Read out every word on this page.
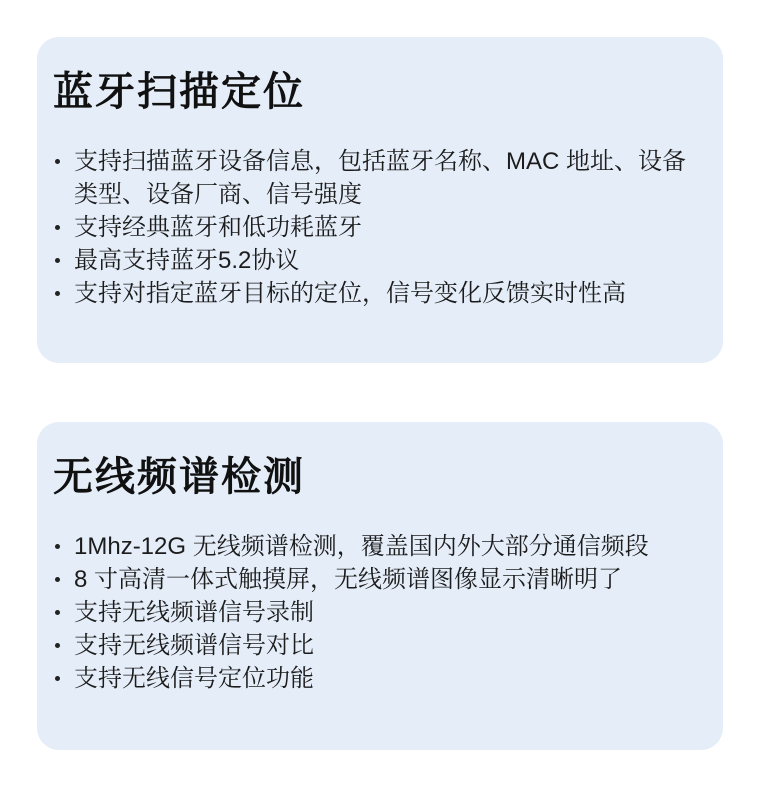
蓝牙扫描定位
支持扫描蓝牙设备信息，包括蓝牙名称、MAC 地址、设备类型、设备厂商、信号强度
支持经典蓝牙和低功耗蓝牙
最高支持蓝牙5.2协议
支持对指定蓝牙目标的定位，信号变化反馈实时性高
无线频谱检测
1Mhz-12G 无线频谱检测，覆盖国内外大部分通信频段
8 寸高清一体式触摸屏，无线频谱图像显示清晰明了
支持无线频谱信号录制
支持无线频谱信号对比
支持无线信号定位功能
